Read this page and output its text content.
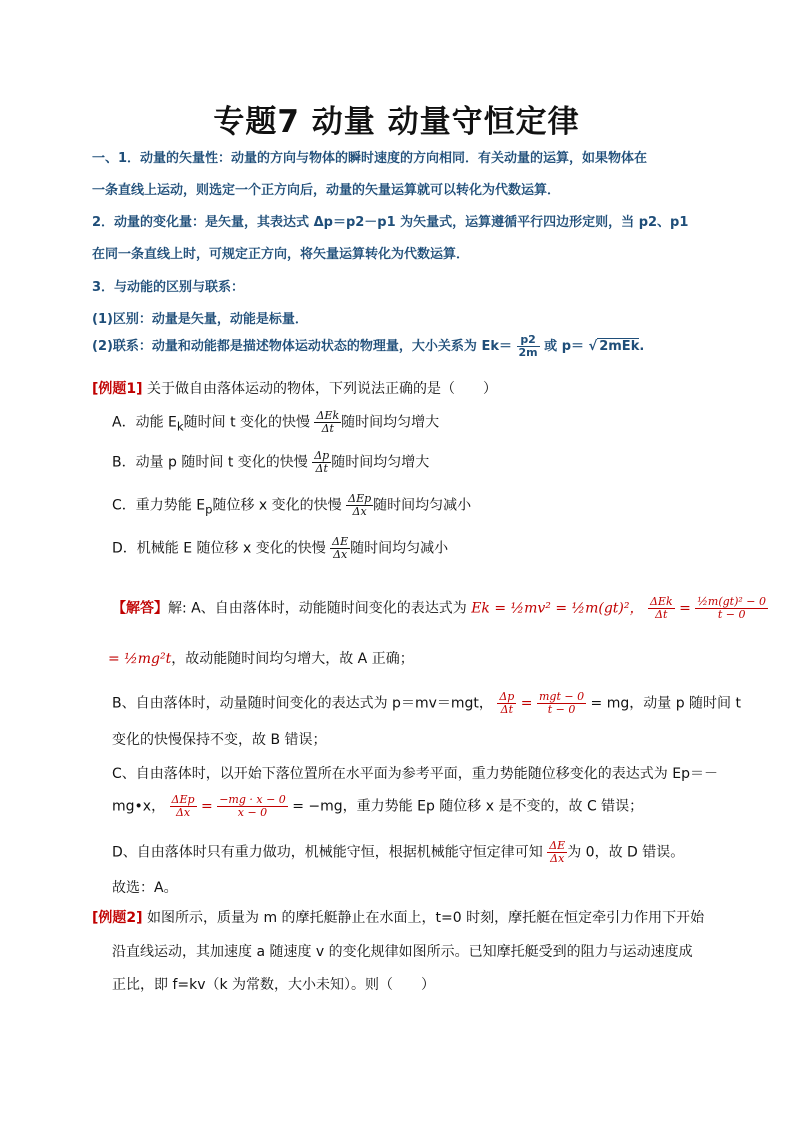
专题7 动量 动量守恒定律
一、1．动量的矢量性：动量的方向与物体的瞬时速度的方向相同．有关动量的运算，如果物体在
一条直线上运动，则选定一个正方向后，动量的矢量运算就可以转化为代数运算．
2．动量的变化量：是矢量，其表达式 Δp＝p2－p1 为矢量式，运算遵循平行四边形定则，当 p2、p1
在同一条直线上时，可规定正方向，将矢量运算转化为代数运算．
3．与动能的区别与联系：
(1)区别：动量是矢量，动能是标量．
(2)联系：动量和动能都是描述物体运动状态的物理量，大小关系为 $Ek= \frac{p2}{2m}$ 或 p＝ √ 2mEk.
[例题1] 关于做自由落体运动的物体，下列说法正确的是（　　）
A．动能 $E_k$随时间 t 变化的快慢 $\frac{\text{ΔEk}}{\Delta t}$ 随时间均匀增大
B．动量 p 随时间 t 变化的快慢 $\frac{\Delta p}{\Delta t}$ 随时间均匀增大
C．重力势能 $E_p$随位移 x 变化的快慢 $\frac{\text{ΔEp}}{\Delta x}$ 随时间均匀减小
D．机械能 E 随位移 x 变化的快慢 $\frac{\Delta E}{\Delta x}$ 随时间均匀减小
【解答】解: A、自由落体时，动能随时间变化的表达式为 Ek = ½mv² = ½m(gt)²， $\frac{\text{ΔEk}}{\Delta t} = \frac{\text{½m(gt)² − 0}}{t - 0}$
= ½mg²t，故动能随时间均匀增大，故 A 正确；
B、自由落体时，动量随时间变化的表达式为 p＝mv＝mgt， $\frac{\Delta p}{\Delta t} = \frac{\text{mgt − 0}}{t - 0}$ = mg，动量 p 随时间 t
变化的快慢保持不变，故 B 错误；
C、自由落体时，以开始下落位置所在水平面为参考平面，重力势能随位移变化的表达式为 Ep＝－
mg•x， $\frac{\text{ΔEp}}{\Delta x} = \frac{-mg \cdot x - 0}{x - 0} = -mg$，重力势能 Ep 随位移 x 是不变的，故 C 错误；
D、自由落体时只有重力做功，机械能守恒，根据机械能守恒定律可知 $\frac{\Delta E}{\Delta x}$ 为 0，故 D 错误。
故选：A。
[例题2] 如图所示，质量为 m 的摩托艇静止在水面上，t=0 时刻，摩托艇在恒定牵引力作用下开始
沿直线运动，其加速度 a 随速度 v 的变化规律如图所示。已知摩托艇受到的阻力与运动速度成
正比，即 f=kv（k 为常数，大小未知）。则（　　）
